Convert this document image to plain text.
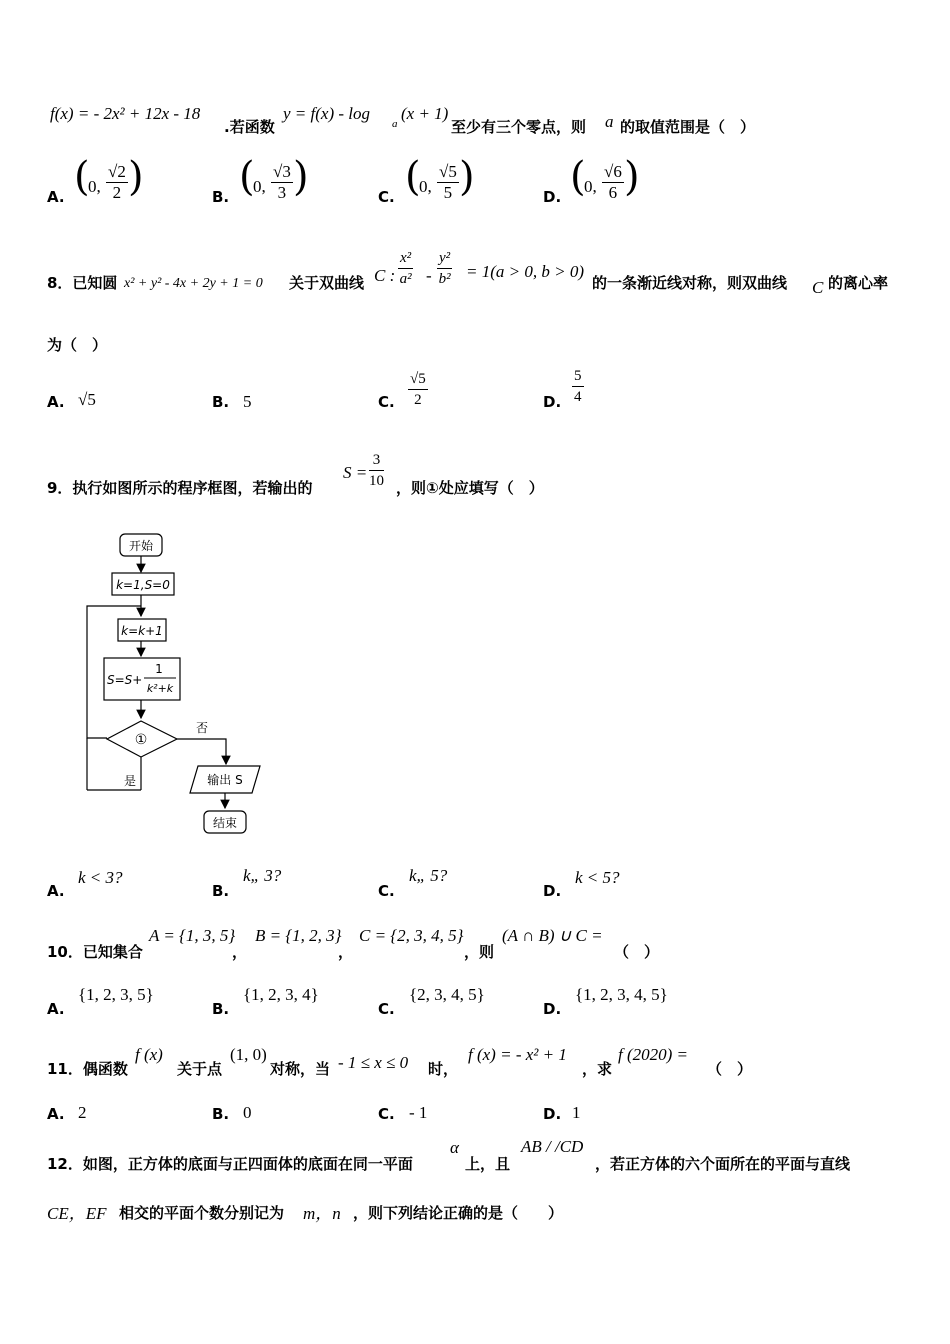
f(x) = - 2x² + 12x - 18
.若函数
y = f(x) - log
a
(x + 1)
至少有三个零点，则 a 的取值范围是（　）
A. (
0, $\frac{√2}{2}$ )	B. (
0, $\frac{√3}{3}$ )	C. (
0, $\frac{√5}{5}$ )	D. (
0, $\frac{√6}{6}$ )
8．已知圆 x² + y² - 4x + 2y + 1 = 0 关于双曲线 C : $\frac{\text{x²}}{\text{a²}} - \frac{\text{y²}}{\text{b²}} = 1(a > 0$, b > 0)
的一条渐近线对称，则双曲线 C 的离心率
为（　）
A. √5	B. 5	C. $\frac{√5}{2}$	D. $\frac{5}{4}$
9．执行如图所示的程序框图，若输出的
$S = \frac{3}{10}$ ，则①处应填写（　）
开始
k=1,S=0
k=k+1
S=S+
1
k²+k
①
否
是	输出 S
结束
A.
k < 3?
B.
k„ 3?
C.
k„ 5?
D.
k < 5?
10．已知集合
A = {1, 3, 5}
，
B = {1, 2, 3}
，
C = {2, 3, 4, 5}
，则
(A ∩ B) ∪ C =
（　）
A.
{1, 2, 3, 5}
B.
{1, 2, 3, 4}
C.
{2, 3, 4, 5}
D.
{1, 2, 3, 4, 5}
11．偶函数
f (x)
关于点
(1, 0)
对称，当 - 1 ≤ x ≤ 0 时，
f (x) = - x² + 1
，求
f (2020) =
（　）
A. 2	B. 0	C. - 1	D. 1
12．如图，正方体的底面与正四面体的底面在同一平面
α
上，且
AB / /CD
，若正方体的六个面所在的平面与直线
CE，EF 相交的平面个数分别记为 m，n ，则下列结论正确的是（　　）
